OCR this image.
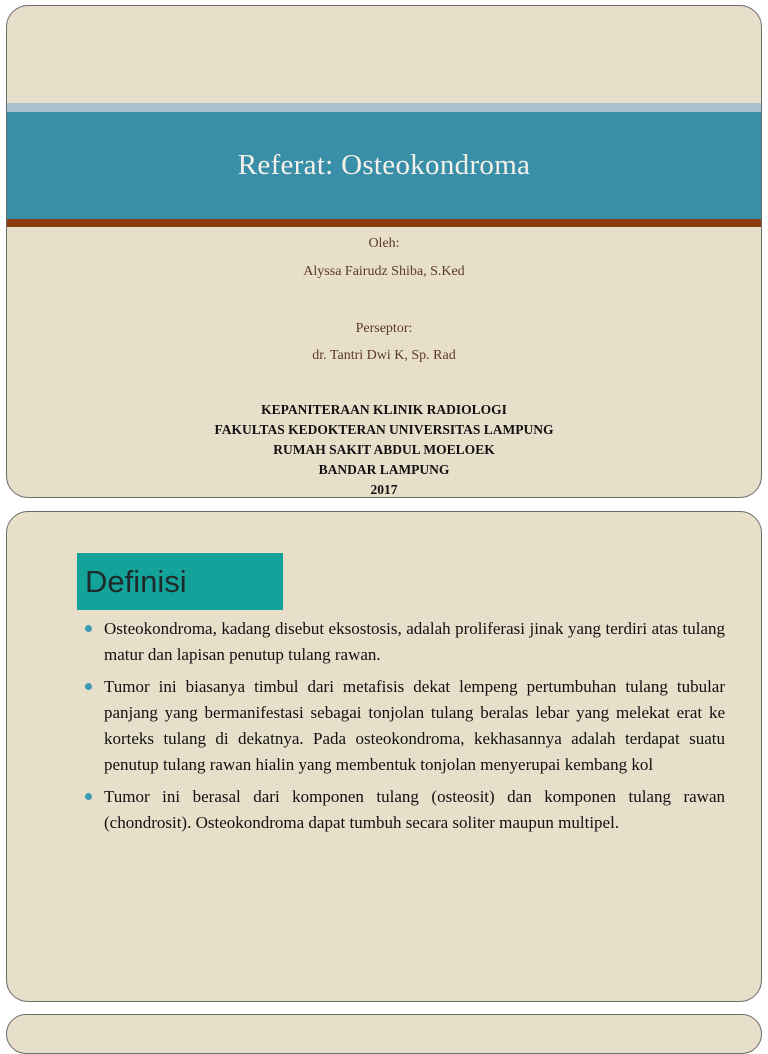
Referat: Osteokondroma
Oleh:
Alyssa Fairudz Shiba, S.Ked
Perseptor:
dr. Tantri Dwi K, Sp. Rad
KEPANITERAAN KLINIK RADIOLOGI
FAKULTAS KEDOKTERAN UNIVERSITAS LAMPUNG
RUMAH SAKIT ABDUL MOELOEK
BANDAR LAMPUNG
2017
Definisi
Osteokondroma, kadang disebut eksostosis, adalah proliferasi jinak yang terdiri atas tulang matur dan lapisan penutup tulang rawan.
Tumor ini biasanya timbul dari metafisis dekat lempeng pertumbuhan tulang tubular panjang yang bermanifestasi sebagai tonjolan tulang beralas lebar yang melekat erat ke korteks tulang di dekatnya. Pada osteokondroma, kekhasannya adalah terdapat suatu penutup tulang rawan hialin yang membentuk tonjolan menyerupai kembang kol
Tumor ini berasal dari komponen tulang (osteosit) dan komponen tulang rawan (chondrosit). Osteokondroma dapat tumbuh secara soliter maupun multipel.
